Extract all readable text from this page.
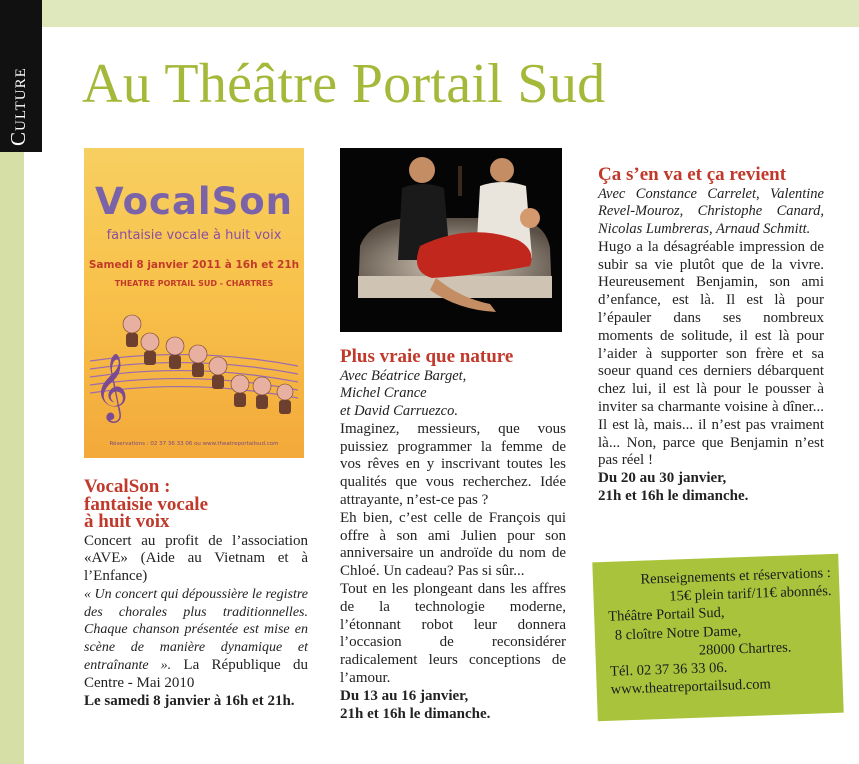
Culture Au Théâtre Portail Sud
VocalSon
fantaisie vocale à huit voix
Samedi 8 janvier 2011 à 16h et 21h
THEATRE PORTAIL SUD - CHARTRES
𝄞
Réservations : 02 37 36 33 06 ou www.theatreportailsud.com
VocalSon :
fantaisie vocale
à huit voix

Concert au profit de l’association «AVE» (Aide au Vietnam et à l’Enfance)

« Un concert qui dépoussière le registre des chorales plus traditionnelles. Chaque chanson présentée est mise en scène de manière dynamique et entraînante ». La République du Centre - Mai 2010

Le samedi 8 janvier à 16h et 21h.

Plus vraie que nature
Avec Béatrice Barget,
Michel Crance
et David Carruezco.

Imaginez, messieurs, que vous puissiez programmer la femme de vos rêves en y inscrivant toutes les qualités que vous recherchez. Idée attrayante, n’est-ce pas ?

Eh bien, c’est celle de François qui offre à son ami Julien pour son anniversaire un androïde du nom de Chloé. Un cadeau? Pas si sûr...

Tout en les plongeant dans les affres de la technologie moderne, l’étonnant robot leur donnera l’occasion de reconsidérer radicalement leurs conceptions de l’amour.

Du 13 au 16 janvier,

21h et 16h le dimanche.

Ça s’en va et ça revient

Avec Constance Carrelet, Valentine Revel-Mouroz, Christophe Canard, Nicolas Lumbreras, Arnaud Schmitt.

Hugo a la désagréable impression de subir sa vie plutôt que de la vivre. Heureusement Benjamin, son ami d’enfance, est là. Il est là pour l’épauler dans ses nombreux moments de solitude, il est là pour l’aider à supporter son frère et sa soeur quand ces derniers débarquent chez lui, il est là pour le pousser à inviter sa charmante voisine à dîner... Il est là, mais... il n’est pas vraiment là... Non, parce que Benjamin n’est pas réel !

Du 20 au 30 janvier,

21h et 16h le dimanche.

Renseignements et réservations :

15€ plein tarif/11€ abonnés.

Théâtre Portail Sud,

8 cloître Notre Dame,

28000 Chartres.

Tél. 02 37 36 33 06.

www.theatreportailsud.com
